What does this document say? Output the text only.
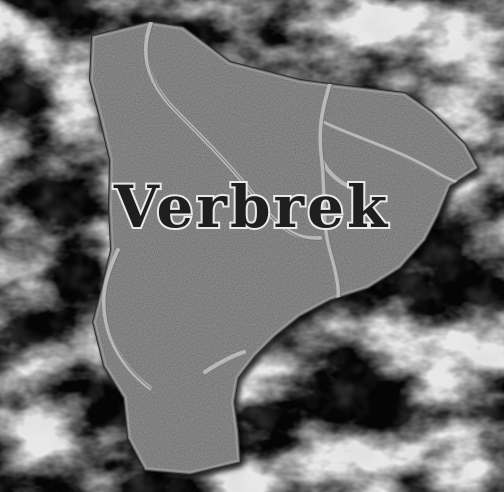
Verbrek
